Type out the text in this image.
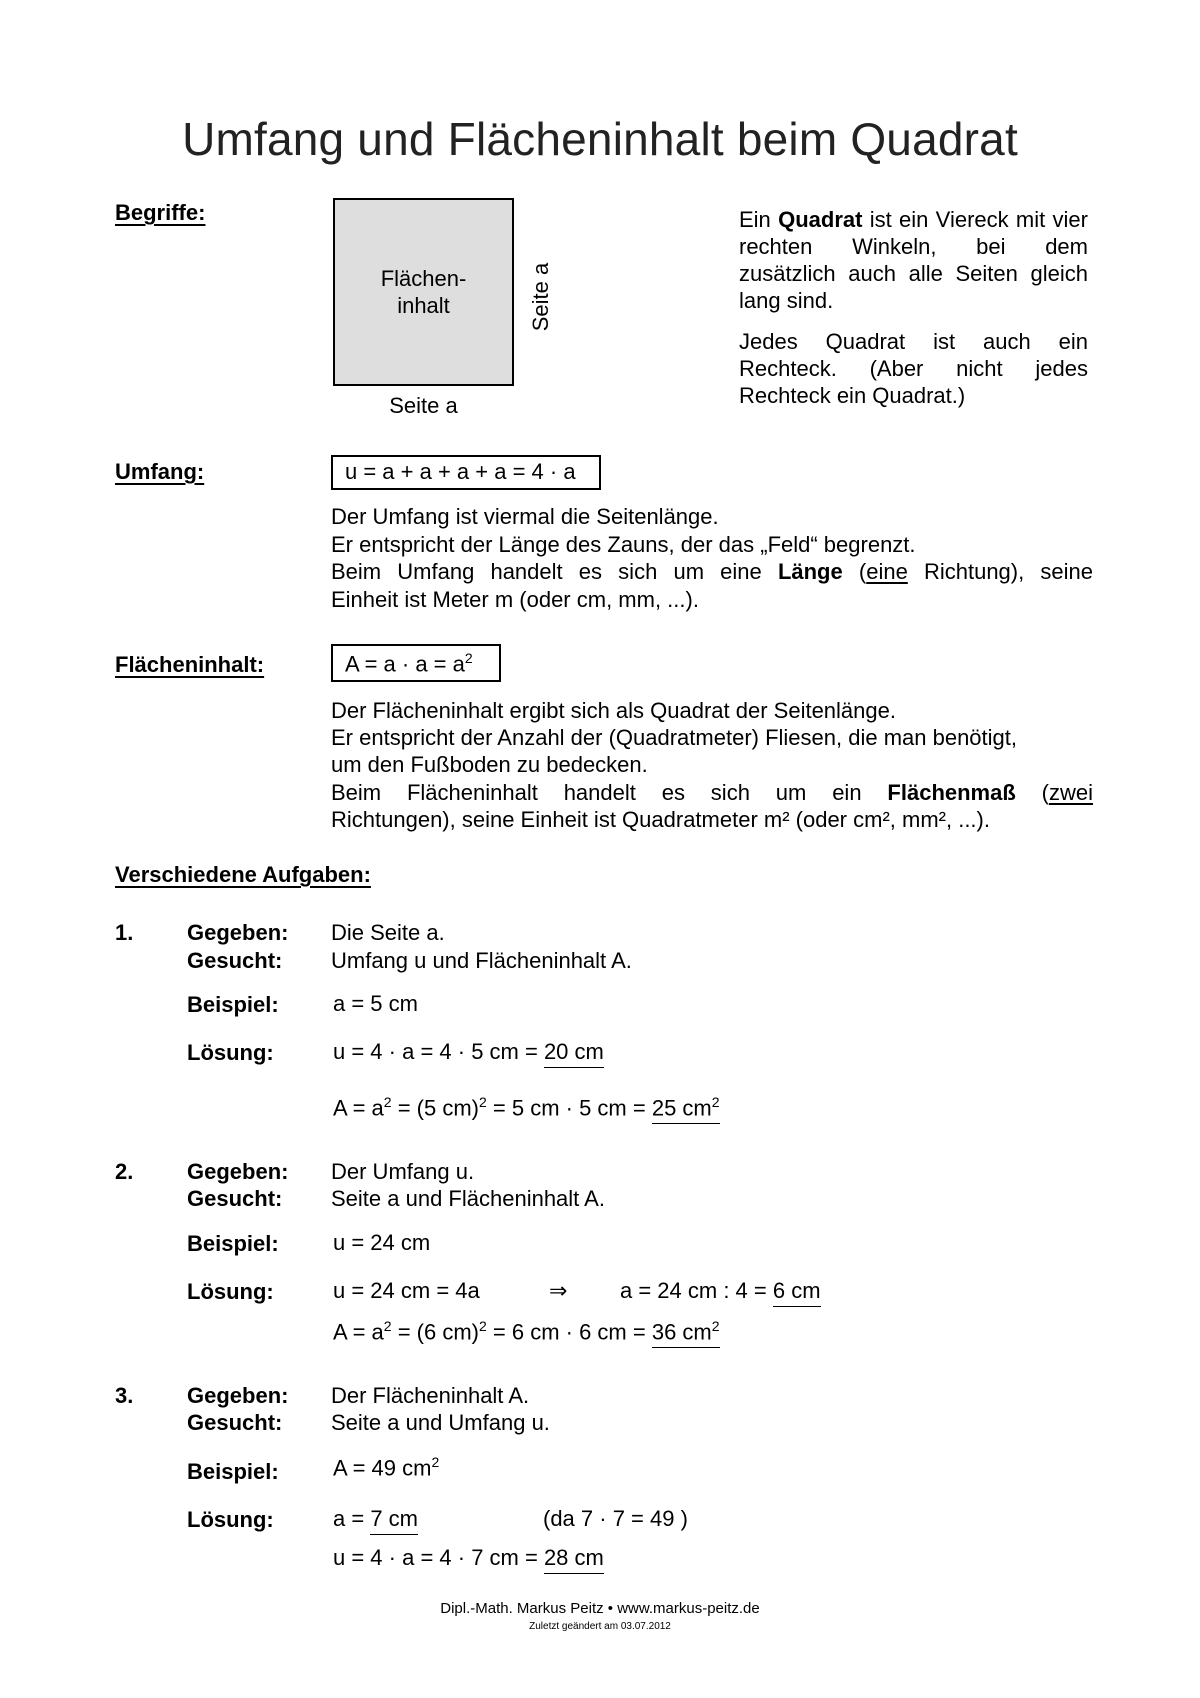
Umfang und Flächeninhalt beim Quadrat
Begriffe:
Flächen-
inhalt
Seite a
Seite a

Ein Quadrat ist ein Viereck mit vier rechten Winkeln, bei dem zusätzlich auch alle Seiten gleich lang sind.

Jedes Quadrat ist auch ein Rechteck. (Aber nicht jedes Rechteck ein Quadrat.)

Umfang:	u = a + a + a + a = 4 · a
Der Umfang ist viermal die Seitenlänge.
Er entspricht der Länge des Zauns, der das „Feld“ begrenzt.
Beim Umfang handelt es sich um eine Länge (eine Richtung), seine
Einheit ist Meter m (oder cm, mm, ...).
Flächeninhalt:	$A = a \cdot a = a^2$
Der Flächeninhalt ergibt sich als Quadrat der Seitenlänge.
Er entspricht der Anzahl der (Quadratmeter) Fliesen, die man benötigt,
um den Fußboden zu bedecken.
Beim Flächeninhalt handelt es sich um ein Flächenmaß (zwei
Richtungen), seine Einheit ist Quadratmeter m² (oder cm², mm², ...).
Verschiedene Aufgaben:
1. Gegeben: Die Seite a.
Gesucht: Umfang u und Flächeninhalt A.
Beispiel: a = 5 cm
Lösung:	u = 4 · a = 4 · 5 cm = 20 cm
$A = a^2 = (5$ cm)$^2$ = 5 cm · 5 cm = 25 $cm^2$
2. Gegeben: Der Umfang u.
Gesucht: Seite a und Flächeninhalt A.
Beispiel: u = 24 cm
Lösung:	u = 24 cm = 4a	⇒ a = 24 cm : 4 = 6 cm
$A = a^2 = (6$ cm)$^2$ = 6 cm · 6 cm = 36 $cm^2$
3. Gegeben: Der Flächeninhalt A.
Gesucht: Seite a und Umfang u.
Beispiel: A = 49 $cm^2$
Lösung:	a = 7 cm	(da 7 · 7 = 49 )
u = 4 · a = 4 · 7 cm = 28 cm
Dipl.-Math. Markus Peitz • www.markus-peitz.de
Zuletzt geändert am 03.07.2012
